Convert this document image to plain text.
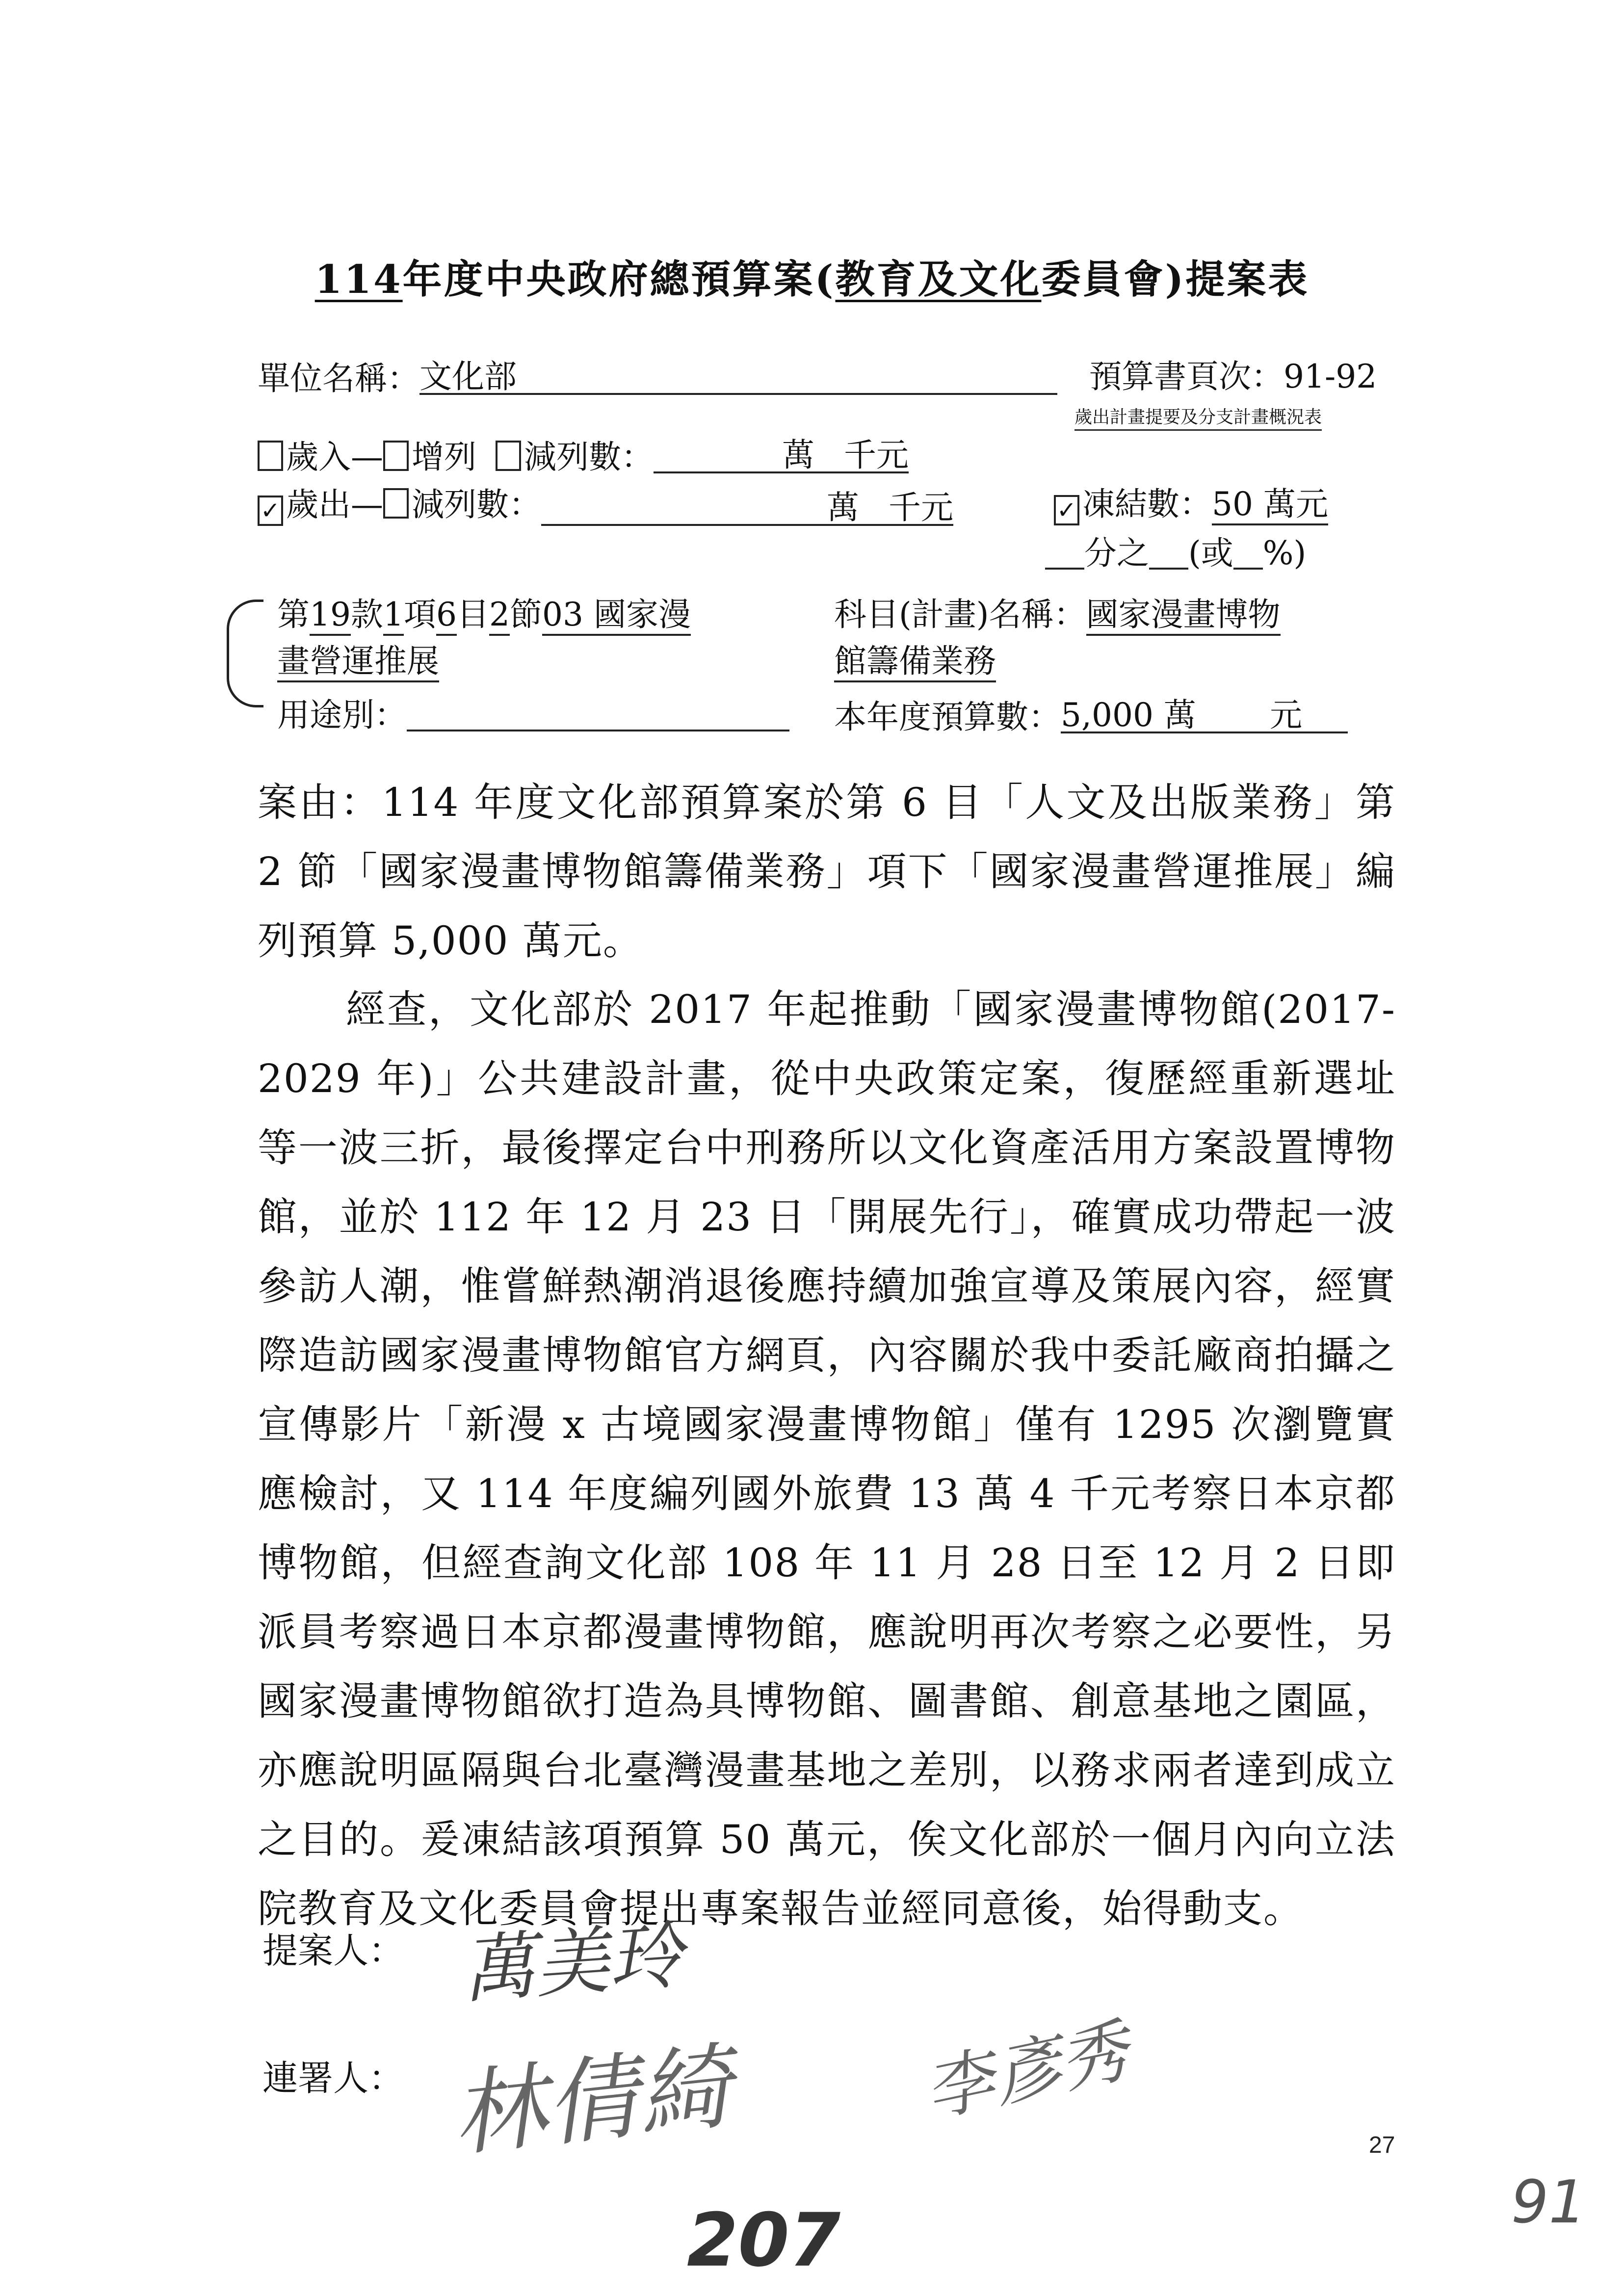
114年度中央政府總預算案(教育及文化委員會)提案表
單位名稱：文化部	預算書頁次：91-92
歲出計畫提要及分支計畫概況表
歲入— 增列 減列數：	萬 千元
✓ 歲出— 減列數：	萬 千元	✓ 凍結數：50 萬元
分之 (或 %)
第19款1項6目2節03 國家漫
畫營運推展
科目(計畫)名稱：國家漫畫博物
館籌備業務
用途別：	本年度預算數：5,000 萬 元
案由：114 年度文化部預算案於第 6 目「人文及出版業務」第 2 節「國家漫畫博物館籌備業務」項下「國家漫畫營運推展」編列預算 5,000 萬元。
經查，文化部於 2017 年起推動「國家漫畫博物館(2017-2029 年)」公共建設計畫，從中央政策定案，復歷經重新選址等一波三折，最後擇定台中刑務所以文化資產活用方案設置博物館，並於 112 年 12 月 23 日「開展先行」，確實成功帶起一波參訪人潮，惟嘗鮮熱潮消退後應持續加強宣導及策展內容，經實際造訪國家漫畫博物館官方網頁，內容關於我中委託廠商拍攝之宣傳影片「新漫 x 古境國家漫畫博物館」僅有 1295 次瀏覽實應檢討，又 114 年度編列國外旅費 13 萬 4 千元考察日本京都博物館，但經查詢文化部 108 年 11 月 28 日至 12 月 2 日即派員考察過日本京都漫畫博物館，應說明再次考察之必要性，另國家漫畫博物館欲打造為具博物館、圖書館、創意基地之園區，亦應說明區隔與台北臺灣漫畫基地之差別，以務求兩者達到成立之目的。爰凍結該項預算 50 萬元，俟文化部於一個月內向立法院教育及文化委員會提出專案報告並經同意後，始得動支。
提案人： 萬美玲
連署人： 林倩綺	李彥秀
207
27
91
